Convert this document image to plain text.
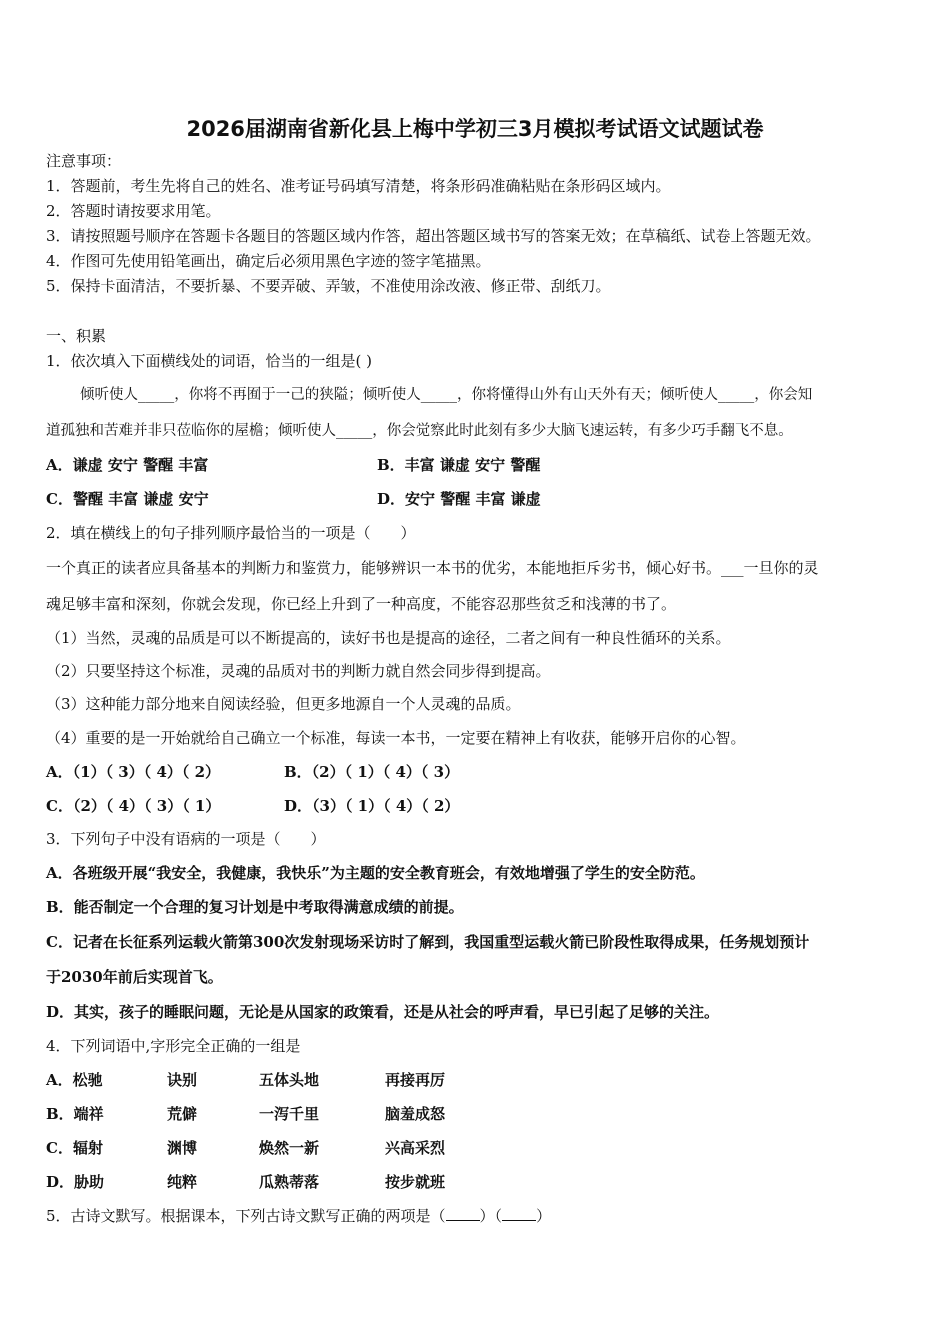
2026届湖南省新化县上梅中学初三3月模拟考试语文试题试卷
注意事项：
1．答题前，考生先将自己的姓名、准考证号码填写清楚，将条形码准确粘贴在条形码区域内。
2．答题时请按要求用笔。
3．请按照题号顺序在答题卡各题目的答题区域内作答，超出答题区域书写的答案无效；在草稿纸、试卷上答题无效。
4．作图可先使用铅笔画出，确定后必须用黑色字迹的签字笔描黑。
5．保持卡面清洁，不要折暴、不要弄破、弄皱，不准使用涂改液、修正带、刮纸刀。
一、积累
1．依次填入下面横线处的词语，恰当的一组是( )
倾听使人_____，你将不再囿于一己的狭隘；倾听使人_____，你将懂得山外有山天外有天；倾听使人_____，你会知
道孤独和苦难并非只莅临你的屋檐；倾听使人_____，你会觉察此时此刻有多少大脑飞速运转，有多少巧手翻飞不息。
A．谦虚 安宁 警醒 丰富	B．丰富 谦虚 安宁 警醒
C．警醒 丰富 谦虚 安宁	D．安宁 警醒 丰富 谦虚
2．填在横线上的句子排列顺序最恰当的一项是（　　）
一个真正的读者应具备基本的判断力和鉴赏力，能够辨识一本书的优劣，本能地拒斥劣书，倾心好书。___一旦你的灵
魂足够丰富和深刻，你就会发现，你已经上升到了一种高度，不能容忍那些贫乏和浅薄的书了。
（1）当然，灵魂的品质是可以不断提高的，读好书也是提高的途径，二者之间有一种良性循环的关系。
（2）只要坚持这个标准，灵魂的品质对书的判断力就自然会同步得到提高。
（3）这种能力部分地来自阅读经验，但更多地源自一个人灵魂的品质。
（4）重要的是一开始就给自己确立一个标准，每读一本书，一定要在精神上有收获，能够开启你的心智。
A．（1）（ 3）（ 4）（ 2）	B．（2）（ 1）（ 4）（ 3）
C．（2）（ 4）（ 3）（ 1）	D．（3）（ 1）（ 4）（ 2）
3．下列句子中没有语病的一项是（　　）
A．各班级开展“我安全，我健康，我快乐”为主题的安全教育班会，有效地增强了学生的安全防范。
B．能否制定一个合理的复习计划是中考取得满意成绩的前提。
C．记者在长征系列运载火箭第300次发射现场采访时了解到，我国重型运载火箭已阶段性取得成果，任务规划预计
于2030年前后实现首飞。
D．其实，孩子的睡眠问题，无论是从国家的政策看，还是从社会的呼声看，早已引起了足够的关注。
4．下列词语中,字形完全正确的一组是
A．松驰	诀别	五体头地	再接再厉
B．端祥	荒僻	一泻千里	脑羞成怒
C．辐射	渊博	焕然一新	兴高采烈
D．胁助	纯粹	瓜熟蒂落	按步就班
5．古诗文默写。根据课本，下列古诗文默写正确的两项是（ ）（ ）
